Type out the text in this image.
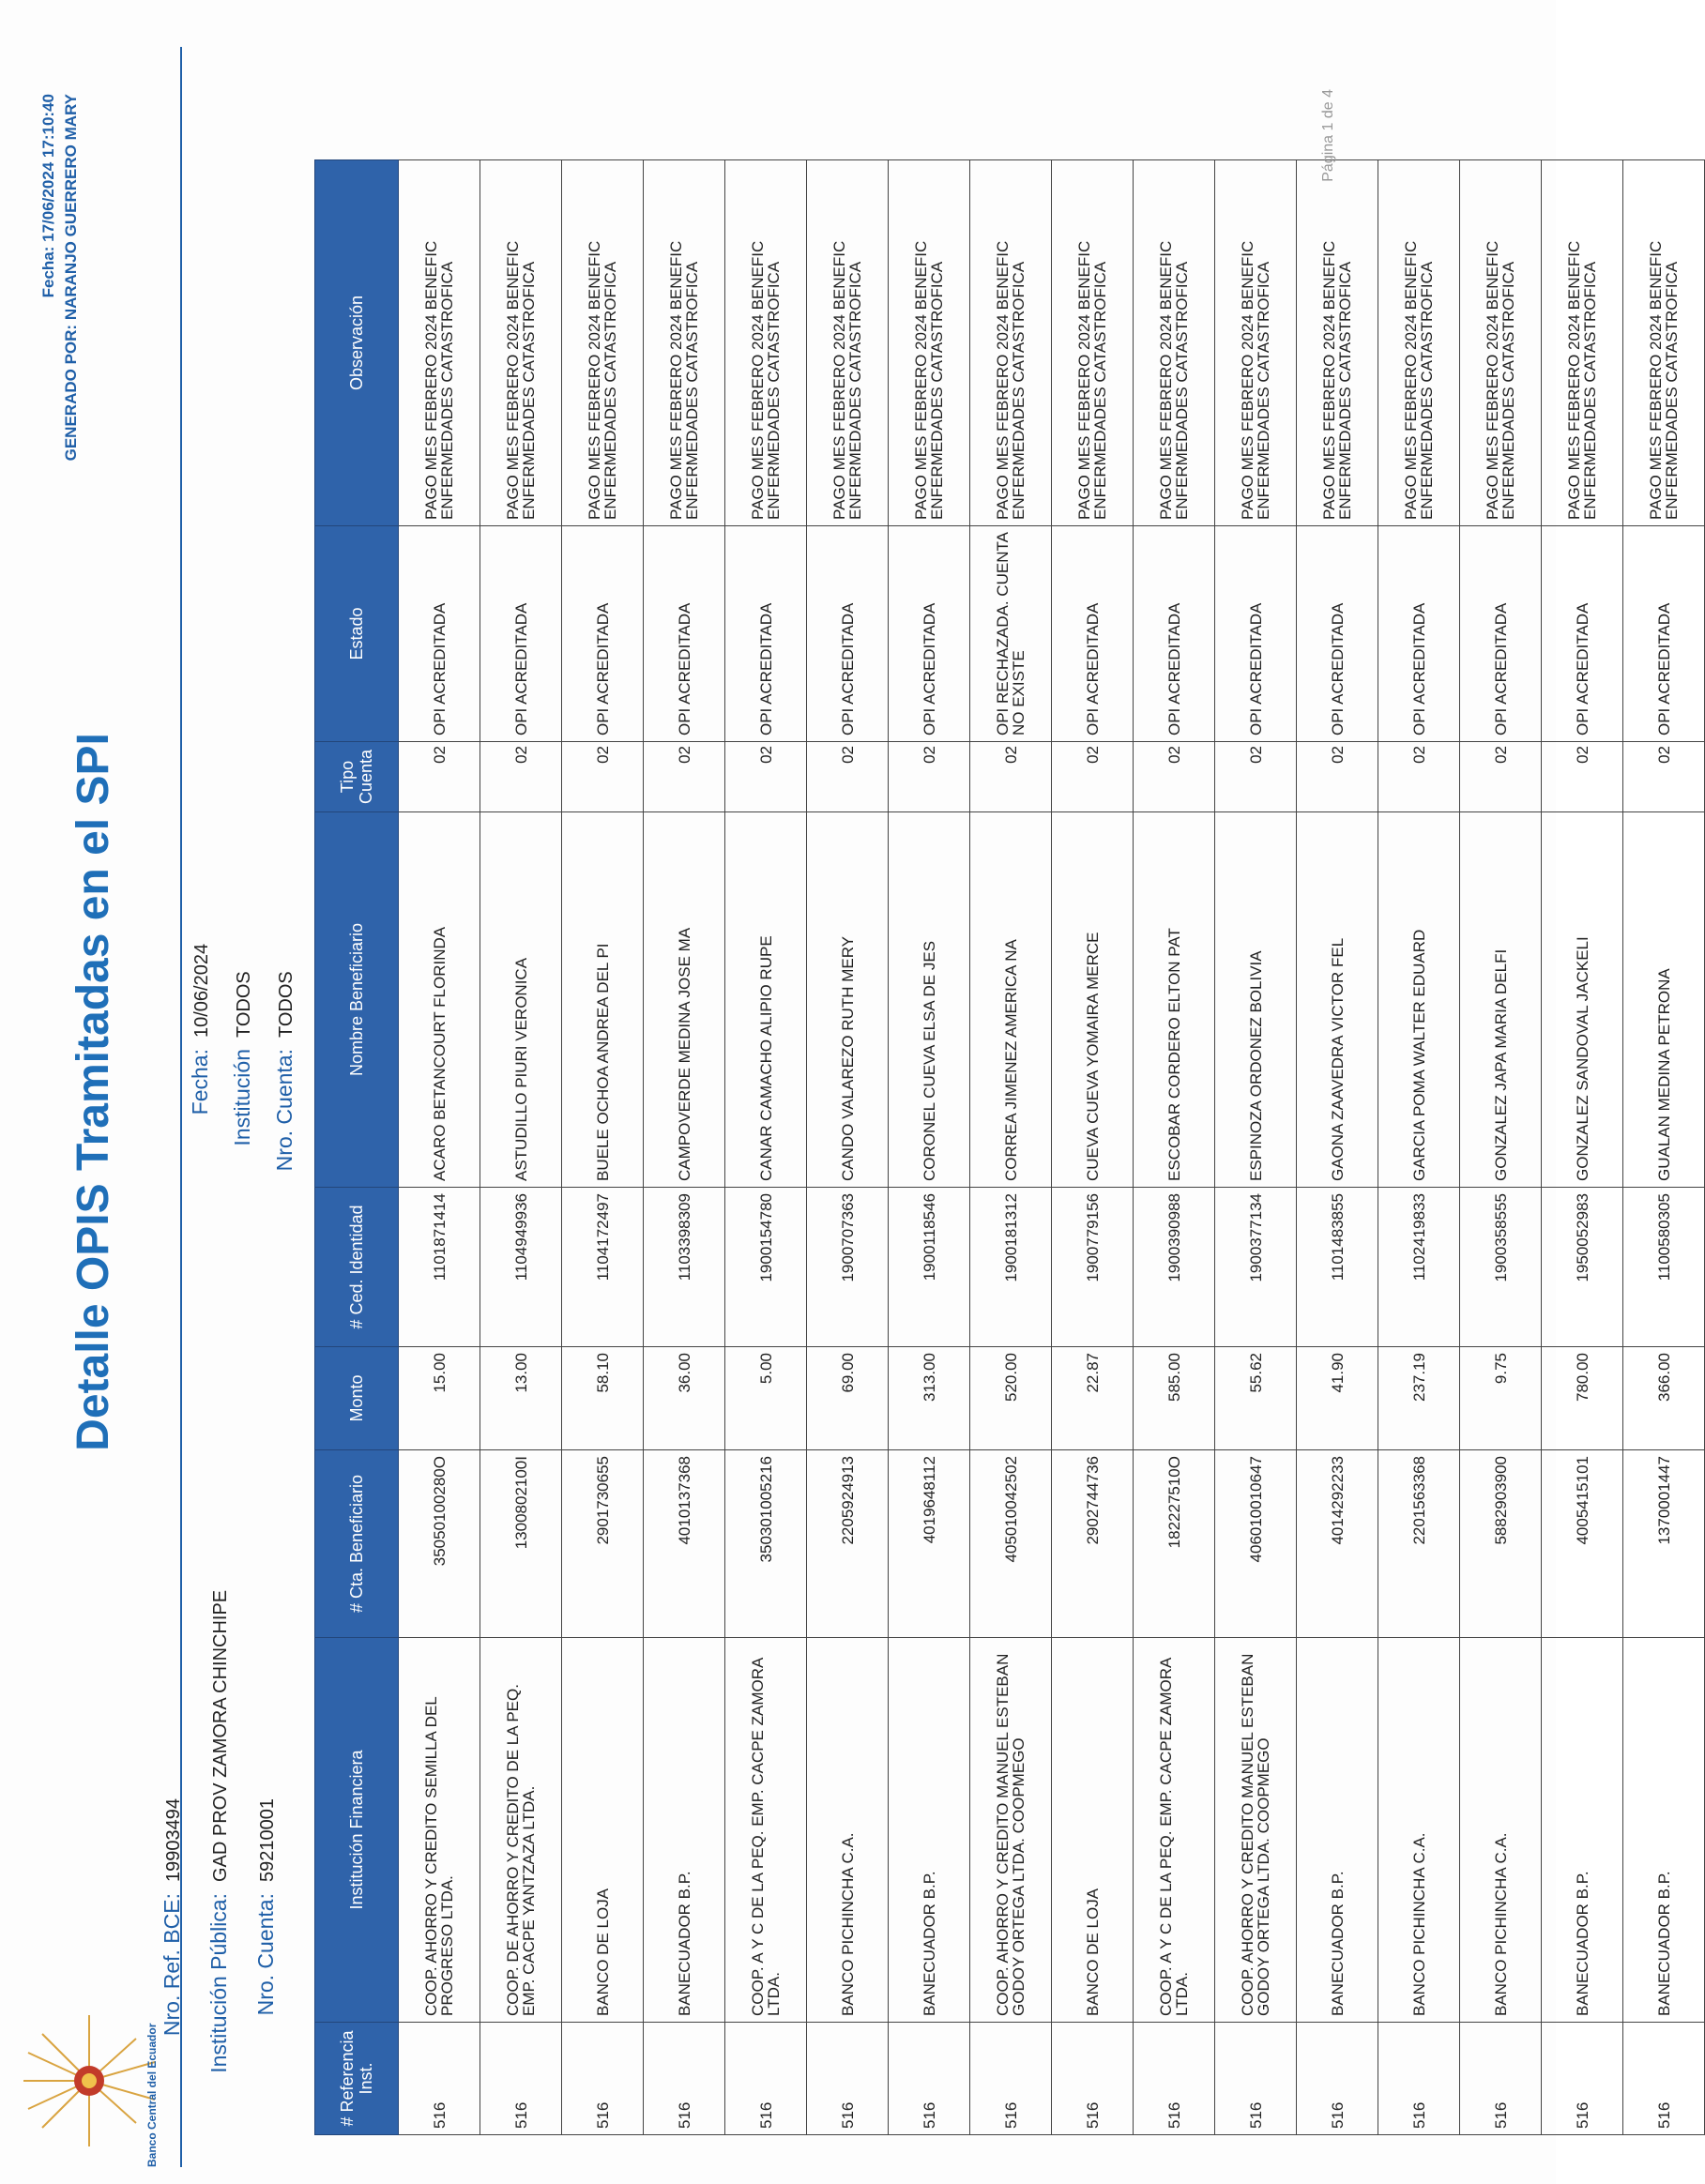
Banco Central del Ecuador
Fecha: 17/06/2024 17:10:40
GENERADO POR: NARANJO GUERRERO MARY
Detalle OPIS Tramitadas en el SPI
Nro. Ref. BCE:19903494
Institución Pública:GAD PROV ZAMORA CHINCHIPE
Nro. Cuenta:59210001
Fecha:10/06/2024
InstituciónTODOS
Nro. Cuenta:TODOS
# Referencia Inst.	Institución Financiera	# Cta. Beneficiario	Monto	# Ced. Identidad	Nombre Beneficiario	Tipo Cuenta	Estado	Observación
516	COOP. AHORRO Y CREDITO SEMILLA DEL PROGRESO LTDA.	35050100280O	15.00	1101871414	ACARO BETANCOURT FLORINDA	02	OPI ACREDITADA	PAGO MES FEBRERO 2024 BENEFIC ENFERMEDADES CATASTROFICA
516	COOP. DE AHORRO Y CREDITO DE LA PEQ. EMP. CACPE YANTZAZA LTDA.	1300802100I	13.00	1104949936	ASTUDILLO PIURI VERONICA	02	OPI ACREDITADA	PAGO MES FEBRERO 2024 BENEFIC ENFERMEDADES CATASTROFICA
516	BANCO DE LOJA	2901730655	58.10	1104172497	BUELE OCHOA ANDREA DEL PI	02	OPI ACREDITADA	PAGO MES FEBRERO 2024 BENEFIC ENFERMEDADES CATASTROFICA
516	BANECUADOR B.P.	4010137368	36.00	1103398309	CAMPOVERDE MEDINA JOSE MA	02	OPI ACREDITADA	PAGO MES FEBRERO 2024 BENEFIC ENFERMEDADES CATASTROFICA
516	COOP. A Y C DE LA PEQ. EMP. CACPE ZAMORA LTDA.	350301005216	5.00	1900154780	CANAR CAMACHO ALIPIO RUPE	02	OPI ACREDITADA	PAGO MES FEBRERO 2024 BENEFIC ENFERMEDADES CATASTROFICA
516	BANCO PICHINCHA C.A.	2205924913	69.00	1900707363	CANDO VALAREZO RUTH MERY	02	OPI ACREDITADA	PAGO MES FEBRERO 2024 BENEFIC ENFERMEDADES CATASTROFICA
516	BANECUADOR B.P.	4019648112	313.00	1900118546	CORONEL CUEVA ELSA DE JES	02	OPI ACREDITADA	PAGO MES FEBRERO 2024 BENEFIC ENFERMEDADES CATASTROFICA
516	COOP. AHORRO Y CREDITO MANUEL ESTEBAN GODOY ORTEGA LTDA. COOPMEGO	405010042502	520.00	1900181312	CORREA JIMENEZ AMERICA NA	02	OPI RECHAZADA. CUENTA NO EXISTE	PAGO MES FEBRERO 2024 BENEFIC ENFERMEDADES CATASTROFICA
516	BANCO DE LOJA	2902744736	22.87	1900779156	CUEVA CUEVA YOMAIRA MERCE	02	OPI ACREDITADA	PAGO MES FEBRERO 2024 BENEFIC ENFERMEDADES CATASTROFICA
516	COOP. A Y C DE LA PEQ. EMP. CACPE ZAMORA LTDA.	182227510O	585.00	1900390988	ESCOBAR CORDERO ELTON PAT	02	OPI ACREDITADA	PAGO MES FEBRERO 2024 BENEFIC ENFERMEDADES CATASTROFICA
516	COOP. AHORRO Y CREDITO MANUEL ESTEBAN GODOY ORTEGA LTDA. COOPMEGO	406010010647	55.62	1900377134	ESPINOZA ORDONEZ BOLIVIA	02	OPI ACREDITADA	PAGO MES FEBRERO 2024 BENEFIC ENFERMEDADES CATASTROFICA
516	BANECUADOR B.P.	4014292233	41.90	1101483855	GAONA ZAAVEDRA VICTOR FEL	02	OPI ACREDITADA	PAGO MES FEBRERO 2024 BENEFIC ENFERMEDADES CATASTROFICA
516	BANCO PICHINCHA C.A.	2201563368	237.19	1102419833	GARCIA POMA WALTER EDUARD	02	OPI ACREDITADA	PAGO MES FEBRERO 2024 BENEFIC ENFERMEDADES CATASTROFICA
516	BANCO PICHINCHA C.A.	5882903900	9.75	1900358555	GONZALEZ JAPA MARIA DELFI	02	OPI ACREDITADA	PAGO MES FEBRERO 2024 BENEFIC ENFERMEDADES CATASTROFICA
516	BANECUADOR B.P.	4005415101	780.00	1950052983	GONZALEZ SANDOVAL JACKELI	02	OPI ACREDITADA	PAGO MES FEBRERO 2024 BENEFIC ENFERMEDADES CATASTROFICA
516	BANECUADOR B.P.	1370001447	366.00	1100580305	GUALAN MEDINA PETRONA	02	OPI ACREDITADA	PAGO MES FEBRERO 2024 BENEFIC ENFERMEDADES CATASTROFICA
Página 1 de 4
